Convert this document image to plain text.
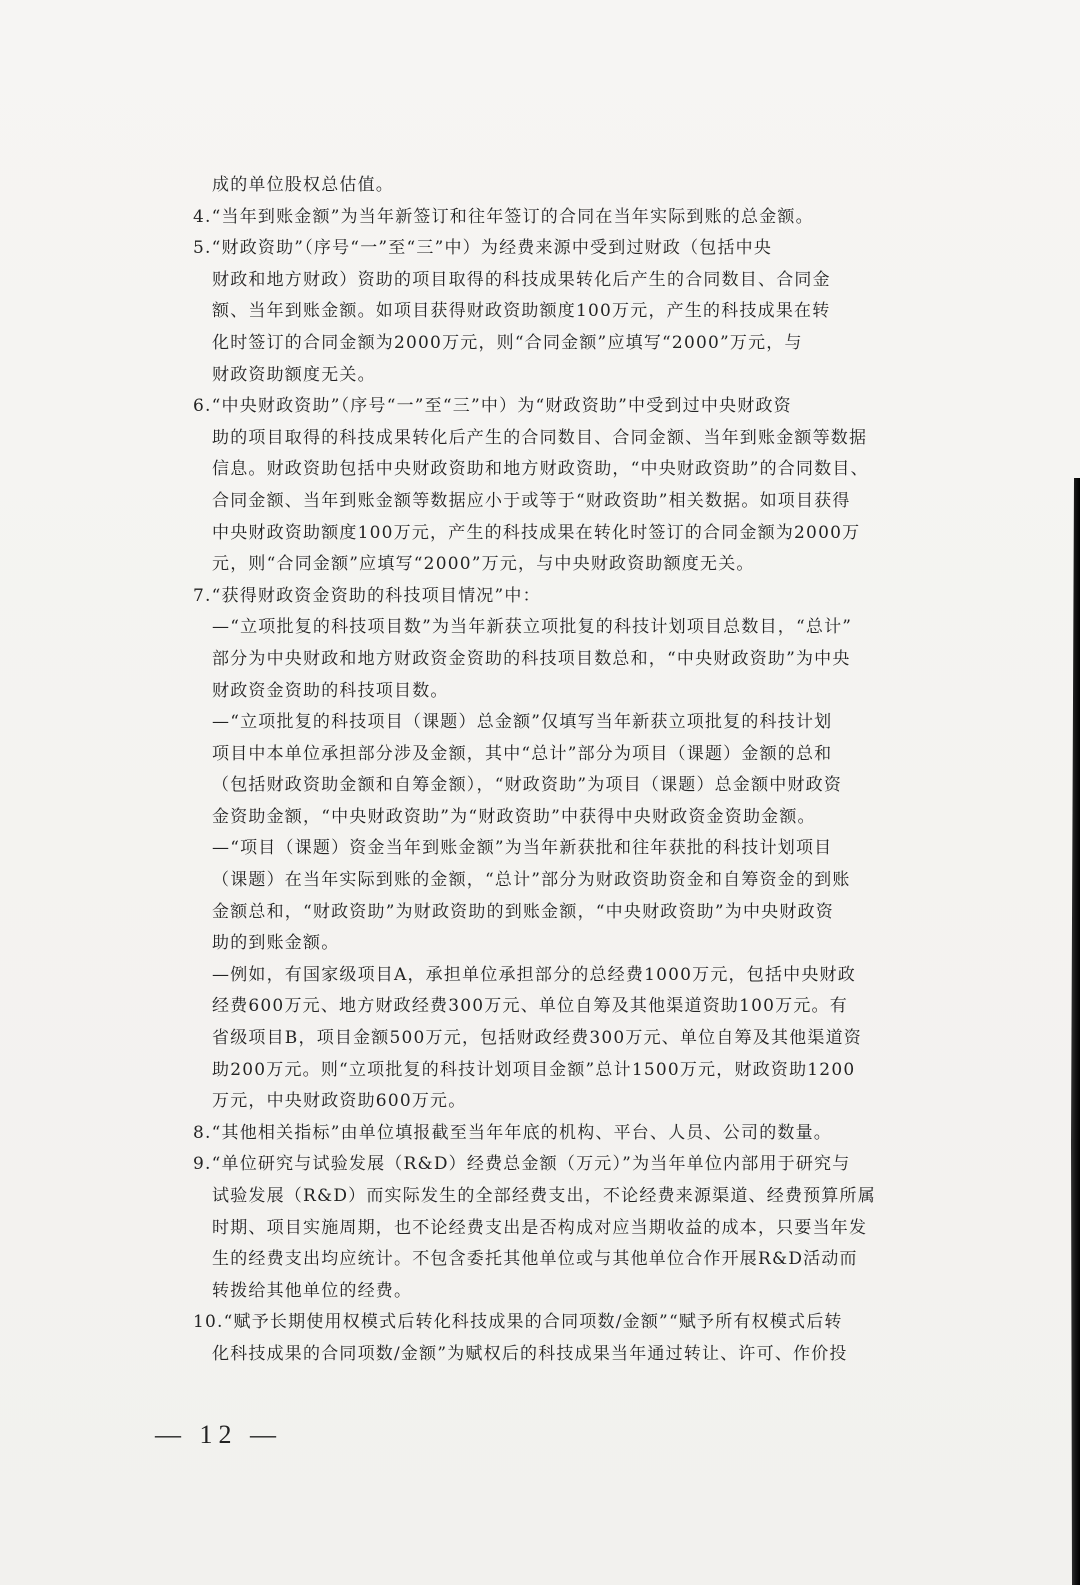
成的单位股权总估值。
4.“当年到账金额”为当年新签订和往年签订的合同在当年实际到账的总金额。
5.“财政资助”（序号“一”至“三”中）为经费来源中受到过财政（包括中央
财政和地方财政）资助的项目取得的科技成果转化后产生的合同数目、合同金
额、当年到账金额。如项目获得财政资助额度100万元，产生的科技成果在转
化时签订的合同金额为2000万元，则“合同金额”应填写“2000”万元，与
财政资助额度无关。
6.“中央财政资助”（序号“一”至“三”中）为“财政资助”中受到过中央财政资
助的项目取得的科技成果转化后产生的合同数目、合同金额、当年到账金额等数据
信息。财政资助包括中央财政资助和地方财政资助，“中央财政资助”的合同数目、
合同金额、当年到账金额等数据应小于或等于“财政资助”相关数据。如项目获得
中央财政资助额度100万元，产生的科技成果在转化时签订的合同金额为2000万
元，则“合同金额”应填写“2000”万元，与中央财政资助额度无关。
7.“获得财政资金资助的科技项目情况”中：
—“立项批复的科技项目数”为当年新获立项批复的科技计划项目总数目，“总计”
部分为中央财政和地方财政资金资助的科技项目数总和，“中央财政资助”为中央
财政资金资助的科技项目数。
—“立项批复的科技项目（课题）总金额”仅填写当年新获立项批复的科技计划
项目中本单位承担部分涉及金额，其中“总计”部分为项目（课题）金额的总和
（包括财政资助金额和自筹金额），“财政资助”为项目（课题）总金额中财政资
金资助金额，“中央财政资助”为“财政资助”中获得中央财政资金资助金额。
—“项目（课题）资金当年到账金额”为当年新获批和往年获批的科技计划项目
（课题）在当年实际到账的金额，“总计”部分为财政资助资金和自筹资金的到账
金额总和，“财政资助”为财政资助的到账金额，“中央财政资助”为中央财政资
助的到账金额。
—例如，有国家级项目A，承担单位承担部分的总经费1000万元，包括中央财政
经费600万元、地方财政经费300万元、单位自筹及其他渠道资助100万元。有
省级项目B，项目金额500万元，包括财政经费300万元、单位自筹及其他渠道资
助200万元。则“立项批复的科技计划项目金额”总计1500万元，财政资助1200
万元，中央财政资助600万元。
8.“其他相关指标”由单位填报截至当年年底的机构、平台、人员、公司的数量。
9.“单位研究与试验发展（R&D）经费总金额（万元）”为当年单位内部用于研究与
试验发展（R&D）而实际发生的全部经费支出，不论经费来源渠道、经费预算所属
时期、项目实施周期，也不论经费支出是否构成对应当期收益的成本，只要当年发
生的经费支出均应统计。不包含委托其他单位或与其他单位合作开展R&D活动而
转拨给其他单位的经费。
10.“赋予长期使用权模式后转化科技成果的合同项数/金额”“赋予所有权模式后转
化科技成果的合同项数/金额”为赋权后的科技成果当年通过转让、许可、作价投
— 12 —
